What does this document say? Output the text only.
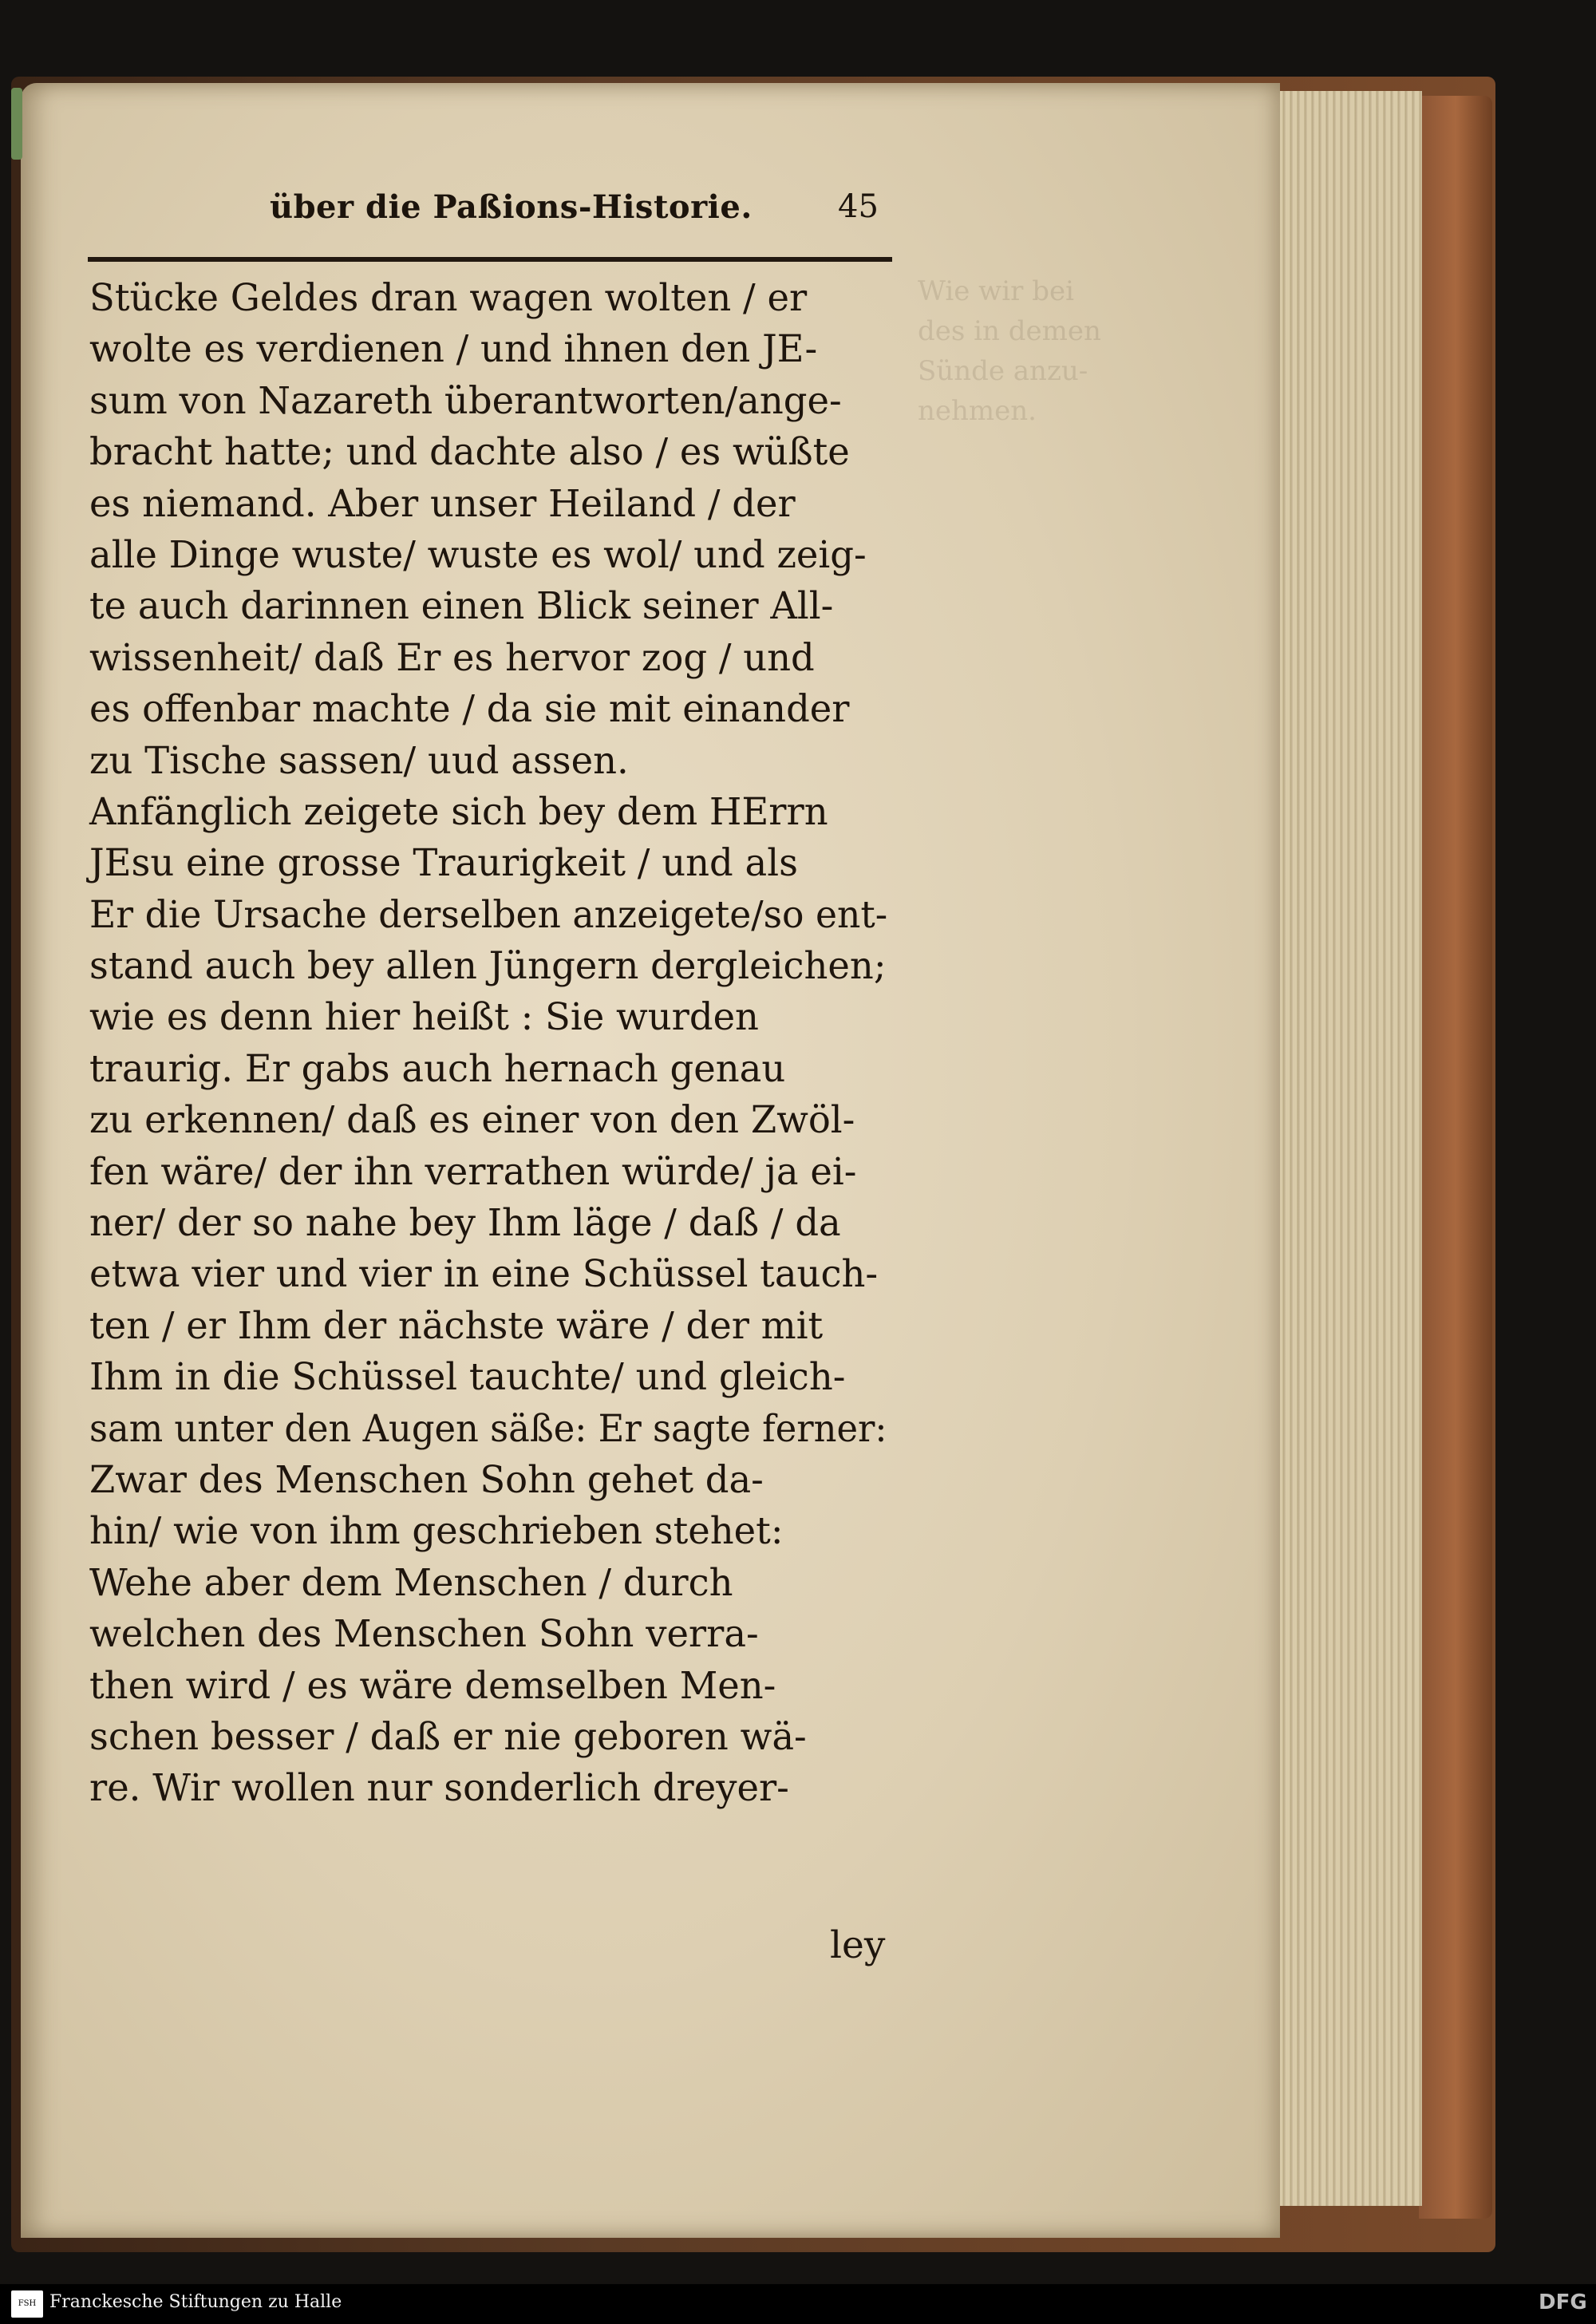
Wie wir bei
des in demen
Sünde anzu-
nehmen.
über die Paßions-Historie.	45
Stücke Geldes dran wagen wolten / er
wolte es verdienen / und ihnen den JE-
sum von Nazareth überantworten/ange-
bracht hatte; und dachte also / es wüßte
es niemand. Aber unser Heiland / der
alle Dinge wuste/ wuste es wol/ und zeig-
te auch darinnen einen Blick seiner All-
wissenheit/ daß Er es hervor zog / und
es offenbar machte / da sie mit einander
zu Tische sassen/ uud assen.
Anfänglich zeigete sich bey dem HErrn
JEsu eine grosse Traurigkeit / und als
Er die Ursache derselben anzeigete/so ent-
stand auch bey allen Jüngern dergleichen;
wie es denn hier heißt : Sie wurden
traurig. Er gabs auch hernach genau
zu erkennen/ daß es einer von den Zwöl-
fen wäre/ der ihn verrathen würde/ ja ei-
ner/ der so nahe bey Ihm läge / daß / da
etwa vier und vier in eine Schüssel tauch-
ten / er Ihm der nächste wäre / der mit
Ihm in die Schüssel tauchte/ und gleich-
sam unter den Augen säße: Er sagte ferner:
Zwar des Menschen Sohn gehet da-
hin/ wie von ihm geschrieben stehet:
Wehe aber dem Menschen / durch
welchen des Menschen Sohn verra-
then wird / es wäre demselben Men-
schen besser / daß er nie geboren wä-
re. Wir wollen nur sonderlich dreyer-
ley
FSH Franckesche Stiftungen zu Halle	DFG
